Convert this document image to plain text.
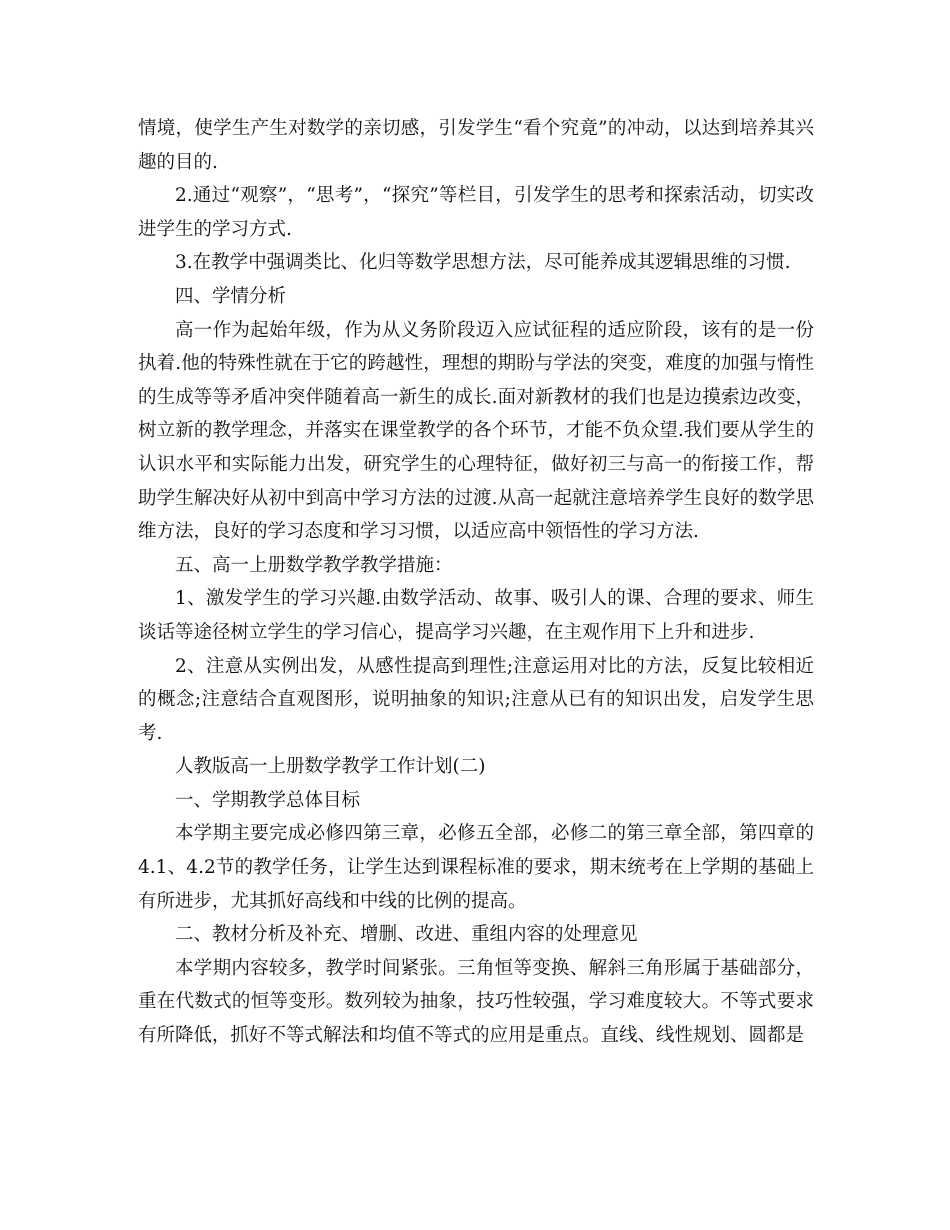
情境，使学生产生对数学的亲切感，引发学生“看个究竟”的冲动，以达到培养其兴趣的目的.

2.通过“观察”，“思考”，“探究”等栏目，引发学生的思考和探索活动，切实改进学生的学习方式.

3.在教学中强调类比、化归等数学思想方法，尽可能养成其逻辑思维的习惯.

四、学情分析

高一作为起始年级，作为从义务阶段迈入应试征程的适应阶段，该有的是一份执着.他的特殊性就在于它的跨越性，理想的期盼与学法的突变，难度的加强与惰性的生成等等矛盾冲突伴随着高一新生的成长.面对新教材的我们也是边摸索边改变，树立新的教学理念，并落实在课堂教学的各个环节，才能不负众望.我们要从学生的认识水平和实际能力出发，研究学生的心理特征，做好初三与高一的衔接工作，帮助学生解决好从初中到高中学习方法的过渡.从高一起就注意培养学生良好的数学思维方法，良好的学习态度和学习习惯，以适应高中领悟性的学习方法.

五、高一上册数学教学教学措施：

1、激发学生的学习兴趣.由数学活动、故事、吸引人的课、合理的要求、师生谈话等途径树立学生的学习信心，提高学习兴趣，在主观作用下上升和进步.

2、注意从实例出发，从感性提高到理性;注意运用对比的方法，反复比较相近的概念;注意结合直观图形，说明抽象的知识;注意从已有的知识出发，启发学生思考.

人教版高一上册数学教学工作计划(二)

一、学期教学总体目标

本学期主要完成必修四第三章，必修五全部，必修二的第三章全部，第四章的4.1、4.2节的教学任务，让学生达到课程标准的要求，期末统考在上学期的基础上有所进步，尤其抓好高线和中线的比例的提高。

二、教材分析及补充、增删、改进、重组内容的处理意见

本学期内容较多，教学时间紧张。三角恒等变换、解斜三角形属于基础部分，重在代数式的恒等变形。数列较为抽象，技巧性较强，学习难度较大。不等式要求有所降低，抓好不等式解法和均值不等式的应用是重点。直线、线性规划、圆都是
